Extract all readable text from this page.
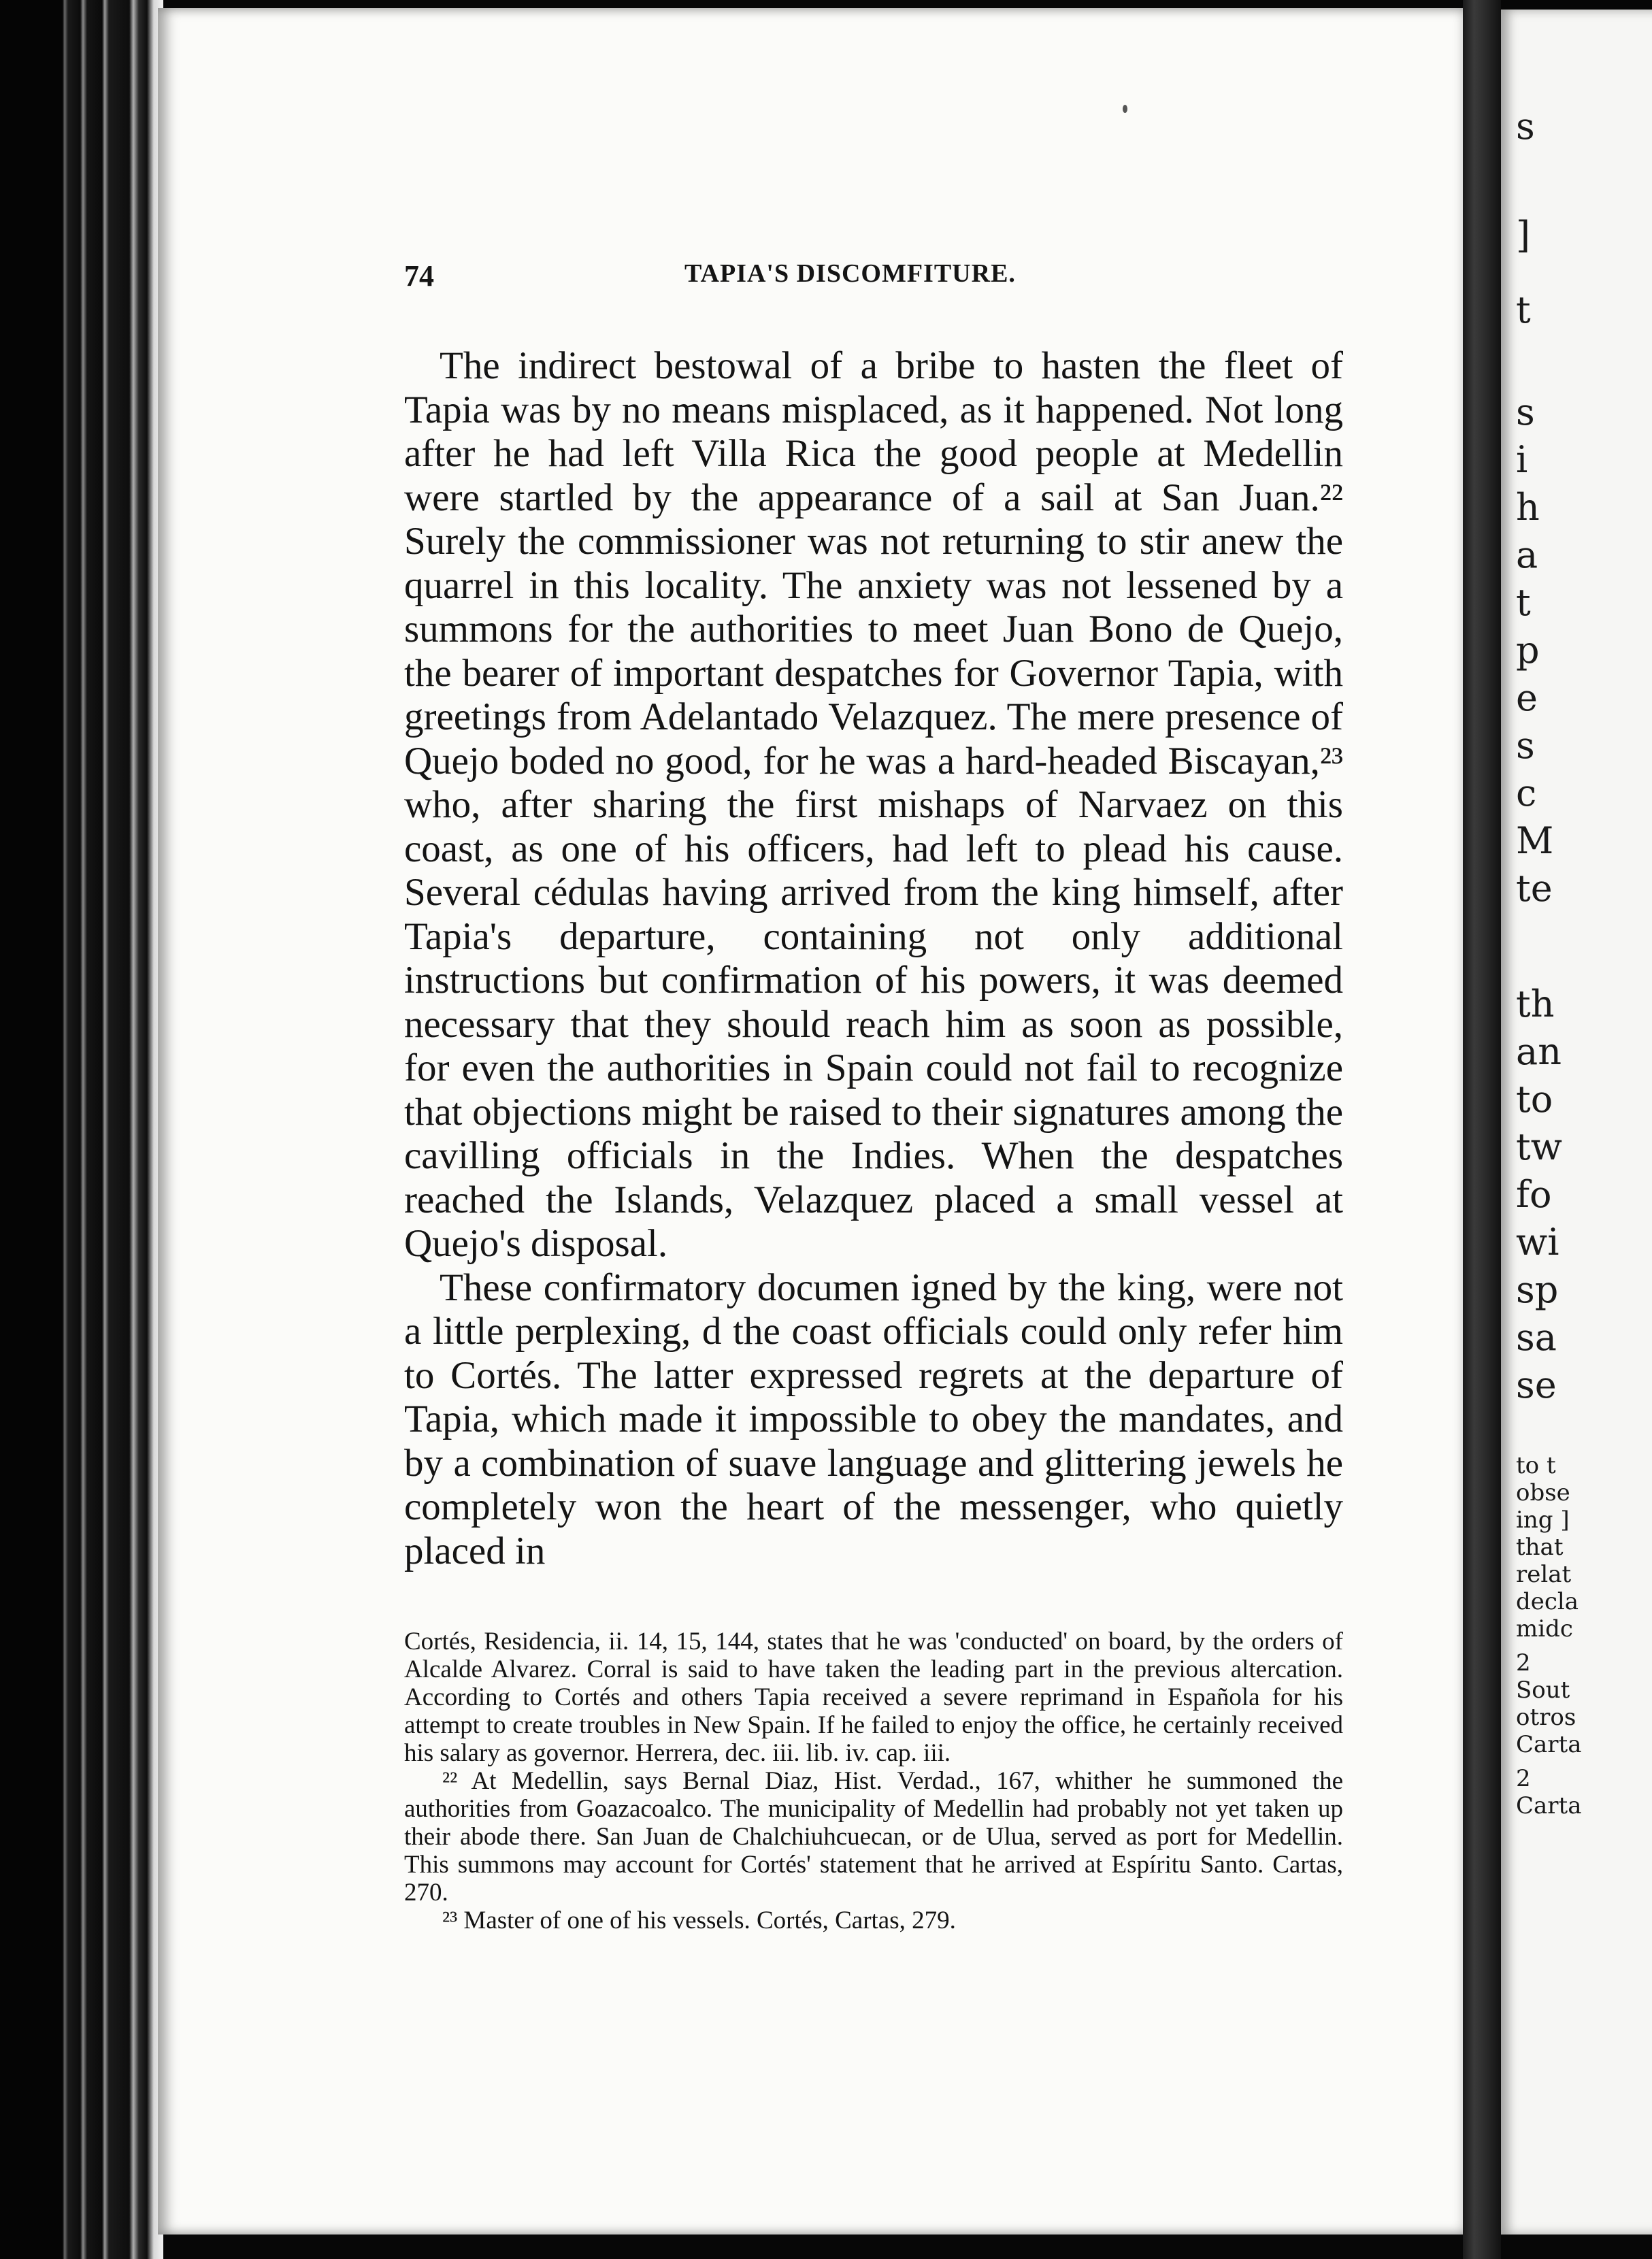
s
]
t
s
i
h
a
t
p
e
s
c
M
te
th
an
to
tw
fo
wi
sp
sa
se
to t
obse
ing ]
that
relat
decla
midc
2
Sout
otros
Carta
2
Carta
74	TAPIA'S DISCOMFITURE.

The indirect bestowal of a bribe to hasten the fleet of Tapia was by no means misplaced, as it happened. Not long after he had left Villa Rica the good people at Medellin were startled by the appearance of a sail at San Juan.²² Surely the commissioner was not returning to stir anew the quarrel in this locality. The anxiety was not lessened by a summons for the authorities to meet Juan Bono de Quejo, the bearer of important despatches for Governor Tapia, with greetings from Adelantado Velazquez. The mere presence of Quejo boded no good, for he was a hard-headed Biscayan,²³ who, after sharing the first mishaps of Narvaez on this coast, as one of his officers, had left to plead his cause. Several cédulas having arrived from the king himself, after Tapia's departure, containing not only additional instructions but confirmation of his powers, it was deemed necessary that they should reach him as soon as possible, for even the authorities in Spain could not fail to recognize that objections might be raised to their signatures among the cavilling officials in the Indies. When the despatches reached the Islands, Velazquez placed a small vessel at Quejo's disposal.

These confirmatory documen igned by the king, were not a little perplexing, d the coast officials could only refer him to Cortés. The latter expressed regrets at the departure of Tapia, which made it impossible to obey the mandates, and by a combination of suave language and glittering jewels he completely won the heart of the messenger, who quietly placed in

Cortés, Residencia, ii. 14, 15, 144, states that he was 'conducted' on board, by the orders of Alcalde Alvarez. Corral is said to have taken the leading part in the previous altercation. According to Cortés and others Tapia received a severe reprimand in Española for his attempt to create troubles in New Spain. If he failed to enjoy the office, he certainly received his salary as governor. Herrera, dec. iii. lib. iv. cap. iii.

²² At Medellin, says Bernal Diaz, Hist. Verdad., 167, whither he summoned the authorities from Goazacoalco. The municipality of Medellin had probably not yet taken up their abode there. San Juan de Chalchiuhcuecan, or de Ulua, served as port for Medellin. This summons may account for Cortés' statement that he arrived at Espíritu Santo. Cartas, 270.

²³ Master of one of his vessels. Cortés, Cartas, 279.
